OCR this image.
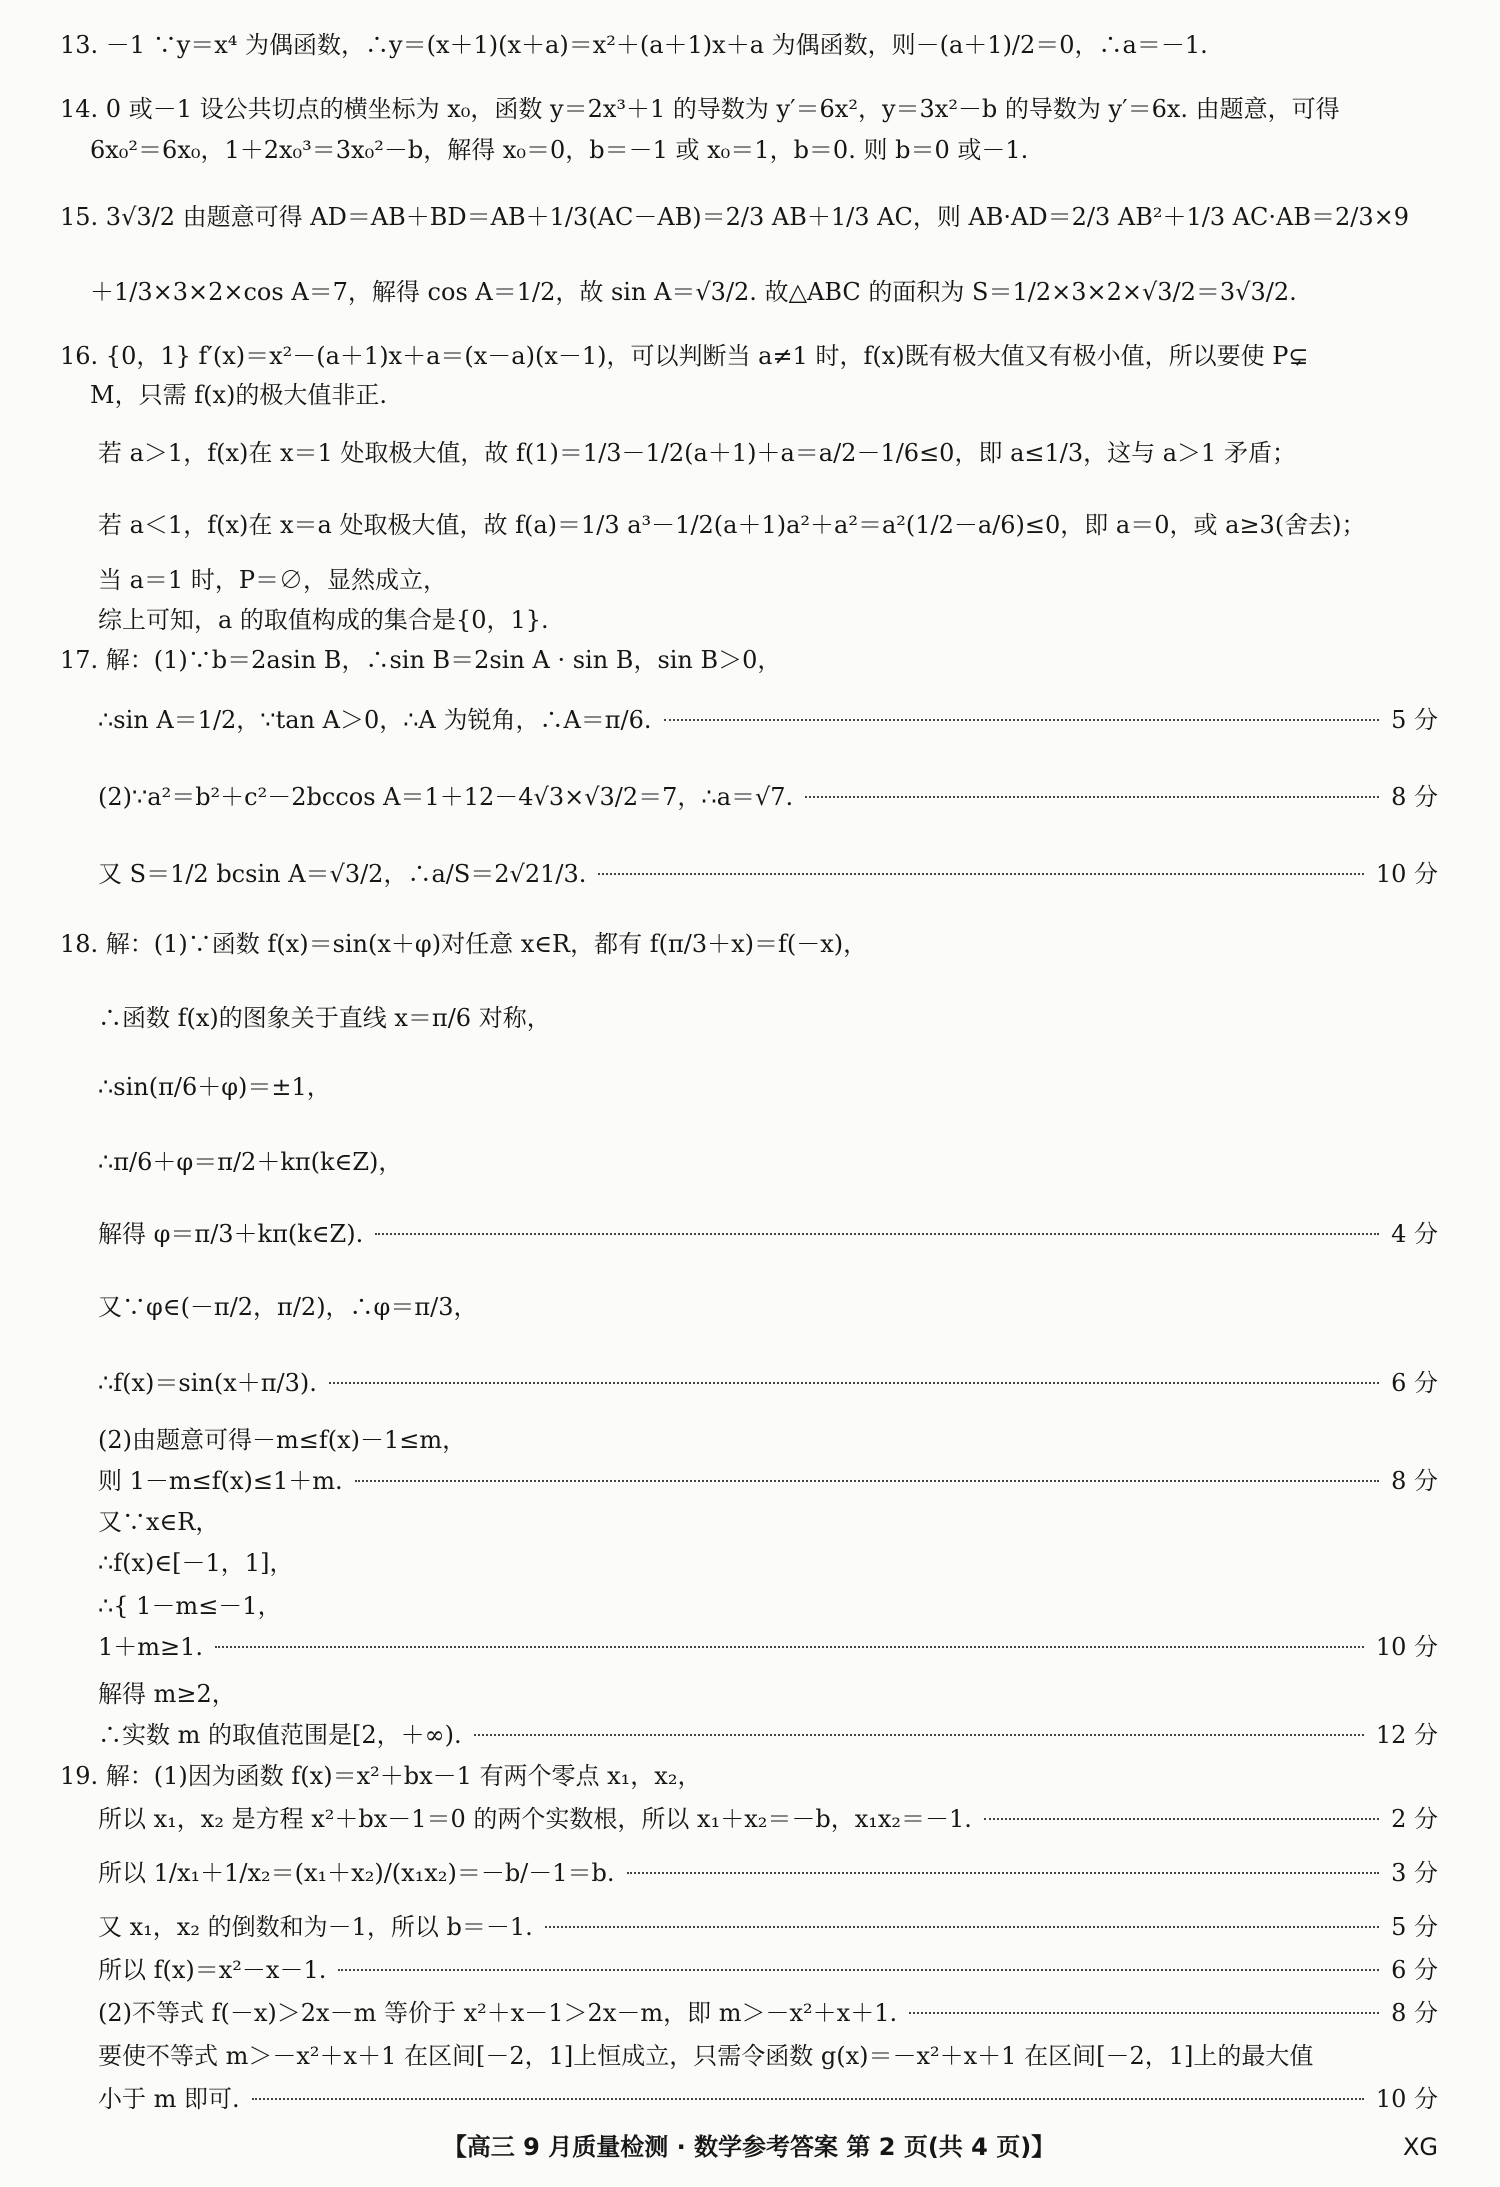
13. －1 ∵y＝x⁴ 为偶函数，∴y＝(x＋1)(x＋a)＝x²＋(a＋1)x＋a 为偶函数，则－(a＋1)/2＝0，∴a＝－1.
14. 0 或－1 设公共切点的横坐标为 x₀，函数 y＝2x³＋1 的导数为 y′＝6x²，y＝3x²－b 的导数为 y′＝6x. 由题意，可得
6x₀²＝6x₀，1＋2x₀³＝3x₀²－b，解得 x₀＝0，b＝－1 或 x₀＝1，b＝0. 则 b＝0 或－1.
15. 3√3/2 由题意可得 AD＝AB＋BD＝AB＋1/3(AC－AB)＝2/3 AB＋1/3 AC，则 AB·AD＝2/3 AB²＋1/3 AC·AB＝2/3×9
＋1/3×3×2×cos A＝7，解得 cos A＝1/2，故 sin A＝√3/2. 故△ABC 的面积为 S＝1/2×3×2×√3/2＝3√3/2.
16. {0，1} f′(x)＝x²－(a＋1)x＋a＝(x－a)(x－1)，可以判断当 a≠1 时，f(x)既有极大值又有极小值，所以要使 P⊊
M，只需 f(x)的极大值非正.
若 a＞1，f(x)在 x＝1 处取极大值，故 f(1)＝1/3－1/2(a＋1)＋a＝a/2－1/6≤0，即 a≤1/3，这与 a＞1 矛盾；
若 a＜1，f(x)在 x＝a 处取极大值，故 f(a)＝1/3 a³－1/2(a＋1)a²＋a²＝a²(1/2－a/6)≤0，即 a＝0，或 a≥3(舍去)；
当 a＝1 时，P＝∅，显然成立，
综上可知，a 的取值构成的集合是{0，1}.
17. 解：(1)∵b＝2asin B，∴sin B＝2sin A · sin B，sin B＞0，
∴sin A＝1/2，∵tan A＞0，∴A 为锐角，∴A＝π/6.	5 分
(2)∵a²＝b²＋c²－2bccos A＝1＋12－4√3×√3/2＝7，∴a＝√7.	8 分
又 S＝1/2 bcsin A＝√3/2，∴a/S＝2√21/3.	10 分
18. 解：(1)∵函数 f(x)＝sin(x＋φ)对任意 x∈R，都有 f(π/3＋x)＝f(－x)，
∴函数 f(x)的图象关于直线 x＝π/6 对称，
∴sin(π/6＋φ)＝±1，
∴π/6＋φ＝π/2＋kπ(k∈Z)，
解得 φ＝π/3＋kπ(k∈Z).	4 分
又∵φ∈(－π/2，π/2)，∴φ＝π/3，
∴f(x)＝sin(x＋π/3).	6 分
(2)由题意可得－m≤f(x)－1≤m，
则 1－m≤f(x)≤1＋m.	8 分
又∵x∈R，
∴f(x)∈[－1，1]，
∴{ 1－m≤－1，
1＋m≥1.	10 分
解得 m≥2，
∴实数 m 的取值范围是[2，＋∞).	12 分
19. 解：(1)因为函数 f(x)＝x²＋bx－1 有两个零点 x₁，x₂，
所以 x₁，x₂ 是方程 x²＋bx－1＝0 的两个实数根，所以 x₁＋x₂＝－b，x₁x₂＝－1.	2 分
所以 1/x₁＋1/x₂＝(x₁＋x₂)/(x₁x₂)＝－b/－1＝b.	3 分
又 x₁，x₂ 的倒数和为－1，所以 b＝－1.	5 分
所以 f(x)＝x²－x－1.	6 分
(2)不等式 f(－x)＞2x－m 等价于 x²＋x－1＞2x－m，即 m＞－x²＋x＋1.	8 分
要使不等式 m＞－x²＋x＋1 在区间[－2，1]上恒成立，只需令函数 g(x)＝－x²＋x＋1 在区间[－2，1]上的最大值
小于 m 即可.	10 分
【高三 9 月质量检测 · 数学参考答案 第 2 页(共 4 页)】	XG
